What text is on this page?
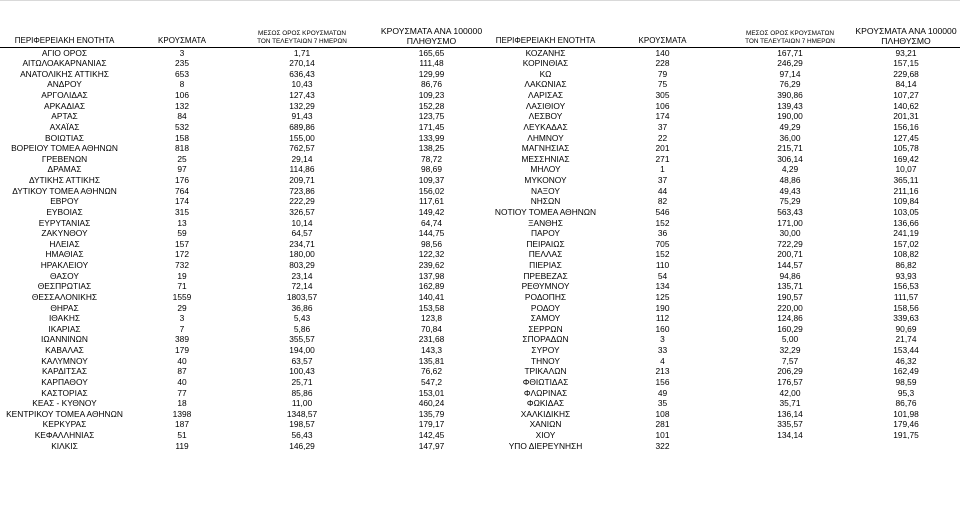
ΠΕΡΙΦΕΡΕΙΑΚΗ ΕΝΟΤΗΤΑ	ΚΡΟΥΣΜΑΤΑ	ΜΕΣΟΣ ΟΡΟΣ ΚΡΟΥΣΜΑΤΩΝ
ΤΟΝ ΤΕΛΕΥΤΑΙΩΝ 7 ΗΜΕΡΩΝ	ΚΡΟΥΣΜΑΤΑ ΑΝΑ 100000
ΠΛΗΘΥΣΜΟ
ΑΓΙΟ ΟΡΟΣ	3	1,71	165,65
ΑΙΤΩΛΟΑΚΑΡΝΑΝΙΑΣ	235	270,14	111,48
ΑΝΑΤΟΛΙΚΗΣ ΑΤΤΙΚΗΣ	653	636,43	129,99
ΑΝΔΡΟΥ	8	10,43	86,76
ΑΡΓΟΛΙΔΑΣ	106	127,43	109,23
ΑΡΚΑΔΙΑΣ	132	132,29	152,28
ΑΡΤΑΣ	84	91,43	123,75
ΑΧΑΪΑΣ	532	689,86	171,45
ΒΟΙΩΤΙΑΣ	158	155,00	133,99
ΒΟΡΕΙΟΥ ΤΟΜΕΑ ΑΘΗΝΩΝ	818	762,57	138,25
ΓΡΕΒΕΝΩΝ	25	29,14	78,72
ΔΡΑΜΑΣ	97	114,86	98,69
ΔΥΤΙΚΗΣ ΑΤΤΙΚΗΣ	176	209,71	109,37
ΔΥΤΙΚΟΥ ΤΟΜΕΑ ΑΘΗΝΩΝ	764	723,86	156,02
ΕΒΡΟΥ	174	222,29	117,61
ΕΥΒΟΙΑΣ	315	326,57	149,42
ΕΥΡΥΤΑΝΙΑΣ	13	10,14	64,74
ΖΑΚΥΝΘΟΥ	59	64,57	144,75
ΗΛΕΙΑΣ	157	234,71	98,56
ΗΜΑΘΙΑΣ	172	180,00	122,32
ΗΡΑΚΛΕΙΟΥ	732	803,29	239,62
ΘΑΣΟΥ	19	23,14	137,98
ΘΕΣΠΡΩΤΙΑΣ	71	72,14	162,89
ΘΕΣΣΑΛΟΝΙΚΗΣ	1559	1803,57	140,41
ΘΗΡΑΣ	29	36,86	153,58
ΙΘΑΚΗΣ	3	5,43	123,8
ΙΚΑΡΙΑΣ	7	5,86	70,84
ΙΩΑΝΝΙΝΩΝ	389	355,57	231,68
ΚΑΒΑΛΑΣ	179	194,00	143,3
ΚΑΛΥΜΝΟΥ	40	63,57	135,81
ΚΑΡΔΙΤΣΑΣ	87	100,43	76,62
ΚΑΡΠΑΘΟΥ	40	25,71	547,2
ΚΑΣΤΟΡΙΑΣ	77	85,86	153,01
ΚΕΑΣ - ΚΥΘΝΟΥ	18	11,00	460,24
ΚΕΝΤΡΙΚΟΥ ΤΟΜΕΑ ΑΘΗΝΩΝ	1398	1348,57	135,79
ΚΕΡΚΥΡΑΣ	187	198,57	179,17
ΚΕΦΑΛΛΗΝΙΑΣ	51	56,43	142,45
ΚΙΛΚΙΣ	119	146,29	147,97
ΠΕΡΙΦΕΡΕΙΑΚΗ ΕΝΟΤΗΤΑ	ΚΡΟΥΣΜΑΤΑ	ΜΕΣΟΣ ΟΡΟΣ ΚΡΟΥΣΜΑΤΩΝ
ΤΟΝ ΤΕΛΕΥΤΑΙΩΝ 7 ΗΜΕΡΩΝ	ΚΡΟΥΣΜΑΤΑ ΑΝΑ 100000
ΠΛΗΘΥΣΜΟ
ΚΟΖΑΝΗΣ	140	167,71	93,21
ΚΟΡΙΝΘΙΑΣ	228	246,29	157,15
ΚΩ	79	97,14	229,68
ΛΑΚΩΝΙΑΣ	75	76,29	84,14
ΛΑΡΙΣΑΣ	305	390,86	107,27
ΛΑΣΙΘΙΟΥ	106	139,43	140,62
ΛΕΣΒΟΥ	174	190,00	201,31
ΛΕΥΚΑΔΑΣ	37	49,29	156,16
ΛΗΜΝΟΥ	22	36,00	127,45
ΜΑΓΝΗΣΙΑΣ	201	215,71	105,78
ΜΕΣΣΗΝΙΑΣ	271	306,14	169,42
ΜΗΛΟΥ	1	4,29	10,07
ΜΥΚΟΝΟΥ	37	48,86	365,11
ΝΑΞΟΥ	44	49,43	211,16
ΝΗΣΩΝ	82	75,29	109,84
ΝΟΤΙΟΥ ΤΟΜΕΑ ΑΘΗΝΩΝ	546	563,43	103,05
ΞΑΝΘΗΣ	152	171,00	136,66
ΠΑΡΟΥ	36	30,00	241,19
ΠΕΙΡΑΙΩΣ	705	722,29	157,02
ΠΕΛΛΑΣ	152	200,71	108,82
ΠΙΕΡΙΑΣ	110	144,57	86,82
ΠΡΕΒΕΖΑΣ	54	94,86	93,93
ΡΕΘΥΜΝΟΥ	134	135,71	156,53
ΡΟΔΟΠΗΣ	125	190,57	111,57
ΡΟΔΟΥ	190	220,00	158,56
ΣΑΜΟΥ	112	124,86	339,63
ΣΕΡΡΩΝ	160	160,29	90,69
ΣΠΟΡΑΔΩΝ	3	5,00	21,74
ΣΥΡΟΥ	33	32,29	153,44
ΤΗΝΟΥ	4	7,57	46,32
ΤΡΙΚΑΛΩΝ	213	206,29	162,49
ΦΘΙΩΤΙΔΑΣ	156	176,57	98,59
ΦΛΩΡΙΝΑΣ	49	42,00	95,3
ΦΩΚΙΔΑΣ	35	35,71	86,76
ΧΑΛΚΙΔΙΚΗΣ	108	136,14	101,98
ΧΑΝΙΩΝ	281	335,57	179,46
ΧΙΟΥ	101	134,14	191,75
ΥΠΟ ΔΙΕΡΕΥΝΗΣΗ	322		
